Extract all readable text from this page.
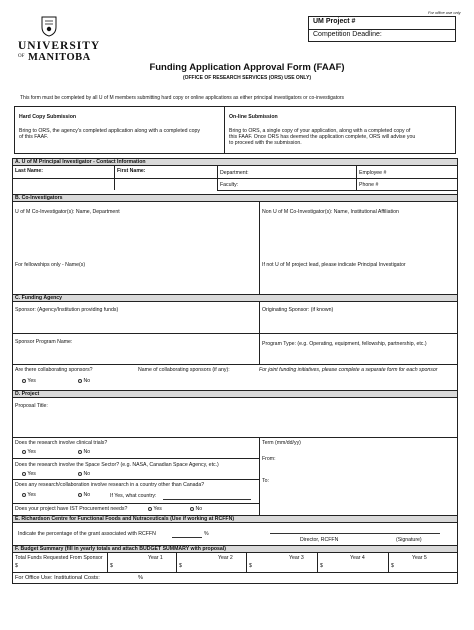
UNIVERSITY
OF MANITOBA
For office use only
UM Project #
Competition Deadline:
Funding Application Approval Form (FAAF)
(OFFICE OF RESEARCH SERVICES (ORS) USE ONLY)
This form must be completed by all U of M members submitting hard copy or online applications as either principal investigators or co-investigators
Hard Copy Submission
Bring to ORS, the agency's completed application along with a completed copy
of this FAAF.
On-line Submission
Bring to ORS, a single copy of your application, along with a completed copy of
this FAAF. Once ORS has deemed the application complete, ORS will advise you
to proceed with the submission.
A. U of M Principal Investigator - Contact Information
Last Name:	First Name:	Department:	Employee #
Faculty:	Phone #
B. Co-Investigators
U of M Co-Investigator(s): Name, Department	Non U of M Co-Investigator(s): Name, Institutional Affiliation
For fellowships only - Name(s)	If not U of M project lead, please indicate Principal Investigator
C. Funding Agency
Sponsor: (Agency/Institution providing funds)	Originating Sponsor: (if known)
Sponsor Program Name:	Program Type: (e.g. Operating, equipment, fellowship, partnership, etc.)
Are there collaborating sponsors?	Name of collaborating sponsors (if any):	For joint funding initiatives, please complete a separate form for each sponsor
Yes	No
D. Project
Proposal Title:
Does the research involve clinical trials?
Yes	No
Does the research involve the Space Sector? (e.g. NASA, Canadian Space Agency, etc.)
Yes	No
Does any research/collaboration involve research in a country other than Canada?
Yes	No	If Yes, what country:
Does your project have IST Procurement needs?	Yes	No
Term (mm/dd/yy)
From:
To:
E. Richardson Centre for Functional Foods and Nutraceuticals (Use if working at RCFFN)
Indicate the percentage of the grant associated with RCFFN	%
Director, RCFFN	(Signature)
F. Budget Summary (fill in yearly totals and attach BUDGET SUMMARY with proposal)
Total Funds Requested From Sponsor
$
Year 1	Year 2	Year 3	Year 4	Year 5
$	$	$	$	$
For Office Use: Institutional Costs:	%
